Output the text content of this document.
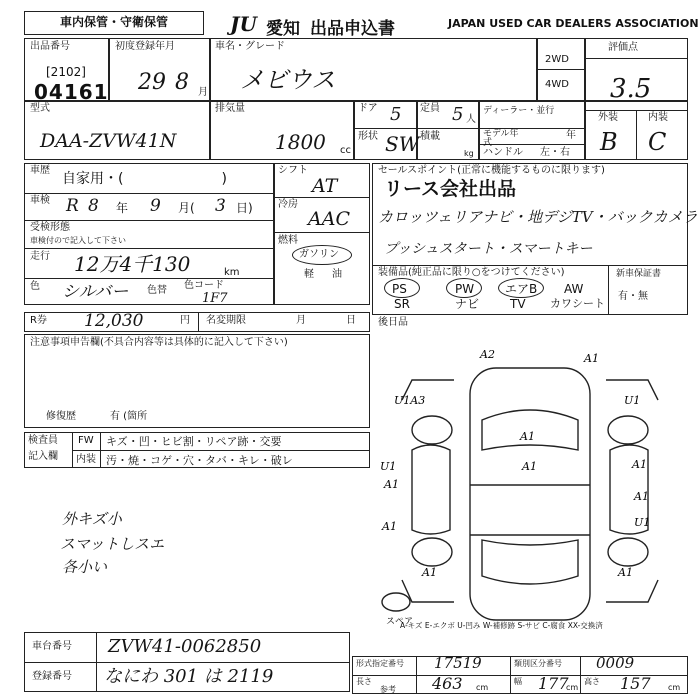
車内保管・守衛保管	JU 愛知 出品申込書	JAPAN USED CAR DEALERS ASSOCIATION
出品番号
[2102]
04161
初度登録年月
29 8 月
車名・グレード
メビウス
2WD
4WD
評価点
3.5
型式
DAA-ZVW41N
排気量
1800 cc
ドア 5 定員 5 人
形状 SW 積載
kg
ディーラー・並行
モデル年式
年
ハンドル 左・右
外装	内装
B C
車歴
自家用・(　　　　　　　)
車検 R 8 年 9 月( 3 日)
受検形態
車検付ので記入して下さい
走行 12万4千130	km
色 シルバー 色替 色コード
1F7
シフト
AT
冷房
AAC
燃料
ガソリン
軽 油
セールスポイント(正常に機能するものに限ります)
リース会社出品
カロッツェリアナビ・地デジTV・バックカメラ
プッシュスタート・スマートキー
装備品(純正品に限り○をつけてください)
PS	PW	エアB AW
SR	ナビ	TV カワシート
新車保証書
有・無
R券 12,030	円 名変期限	月	日 後日品
注意事項申告欄(不具合内容等は具体的に記入して下さい)
修復歴	有 (箇所
検査員
記入欄
FW キズ・凹・ヒビ割・リペア跡・交要
内装 汚・焼・コゲ・穴・タバ・キレ・破レ
外キズ小
スマットしスエ
各小い
A2	A1
U1A3
U1
A1
A1
A1
A1
U1
A1
A1
U1
A1
A1
スペア
A-キズ E-エクボ U-凹み W-補修跡 S-サビ C-腐食 XX-交換済
車台番号 ZVW41-0062850
登録番号 なにわ 301 は 2119
形式指定番号 17519	類別区分番号 0009
長さ
参考 463 cm
幅 177
cm
高さ 157 cm
